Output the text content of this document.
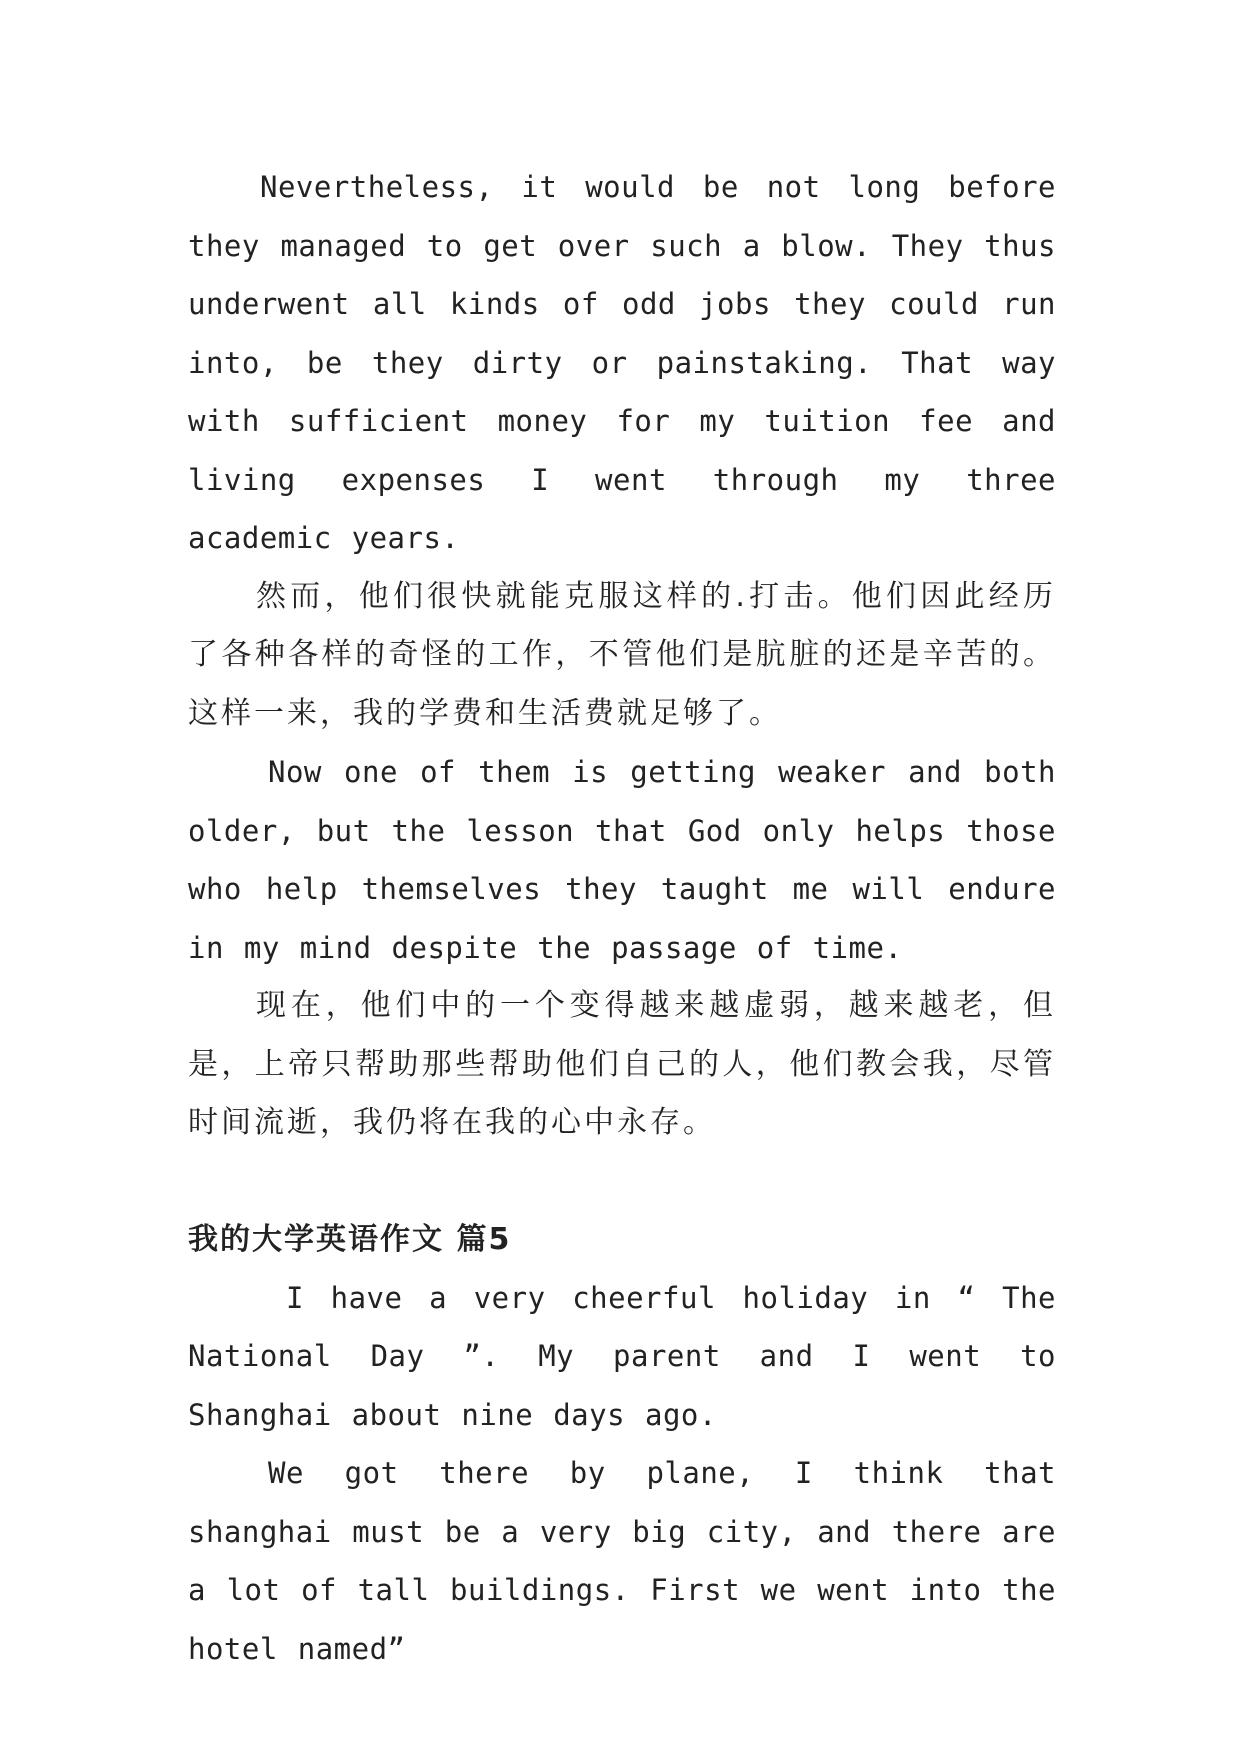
Nevertheless, it would be not long before they managed to get over such a blow. They thus underwent all kinds of odd jobs they could run into, be they dirty or painstaking. That way with sufficient money for my tuition fee and living expenses I went through my three academic years.

然而，他们很快就能克服这样的.打击。他们因此经历了各种各样的奇怪的工作，不管他们是肮脏的还是辛苦的。这样一来，我的学费和生活费就足够了。

Now one of them is getting weaker and both older, but the lesson that God only helps those who help themselves they taught me will endure in my mind despite the passage of time.

现在，他们中的一个变得越来越虚弱，越来越老，但是，上帝只帮助那些帮助他们自己的人，他们教会我，尽管时间流逝，我仍将在我的心中永存。

我的大学英语作文 篇5

I have a very cheerful holiday in “ The National Day ”. My parent and I went to Shanghai about nine days ago.

We got there by plane, I think that shanghai must be a very big city, and there are a lot of tall buildings. First we went into the hotel named”
